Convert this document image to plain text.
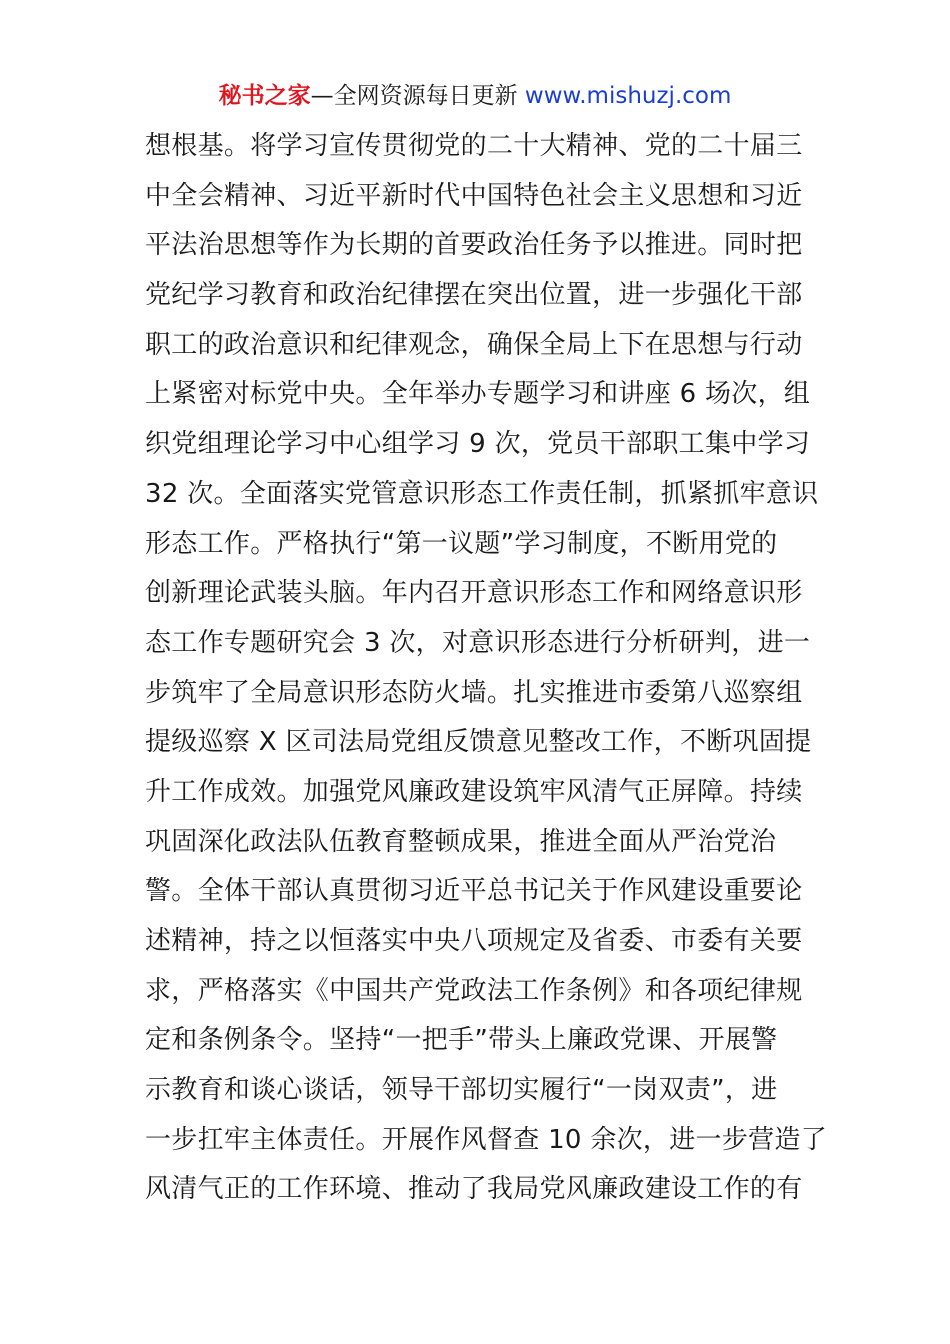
秘书之家—全网资源每日更新 www.mishuzj.com
想根基。将学习宣传贯彻党的二十大精神、党的二十届三
中全会精神、习近平新时代中国特色社会主义思想和习近
平法治思想等作为长期的首要政治任务予以推进。同时把
党纪学习教育和政治纪律摆在突出位置，进一步强化干部
职工的政治意识和纪律观念，确保全局上下在思想与行动
上紧密对标党中央。全年举办专题学习和讲座 6 场次，组
织党组理论学习中心组学习 9 次，党员干部职工集中学习
32 次。全面落实党管意识形态工作责任制，抓紧抓牢意识
形态工作。严格执行“第一议题”学习制度，不断用党的
创新理论武装头脑。年内召开意识形态工作和网络意识形
态工作专题研究会 3 次，对意识形态进行分析研判，进一
步筑牢了全局意识形态防火墙。扎实推进市委第八巡察组
提级巡察 X 区司法局党组反馈意见整改工作，不断巩固提
升工作成效。加强党风廉政建设筑牢风清气正屏障。持续
巩固深化政法队伍教育整顿成果，推进全面从严治党治
警。全体干部认真贯彻习近平总书记关于作风建设重要论
述精神，持之以恒落实中央八项规定及省委、市委有关要
求，严格落实《中国共产党政法工作条例》和各项纪律规
定和条例条令。坚持“一把手”带头上廉政党课、开展警
示教育和谈心谈话，领导干部切实履行“一岗双责”，进
一步扛牢主体责任。开展作风督查 10 余次，进一步营造了
风清气正的工作环境、推动了我局党风廉政建设工作的有
